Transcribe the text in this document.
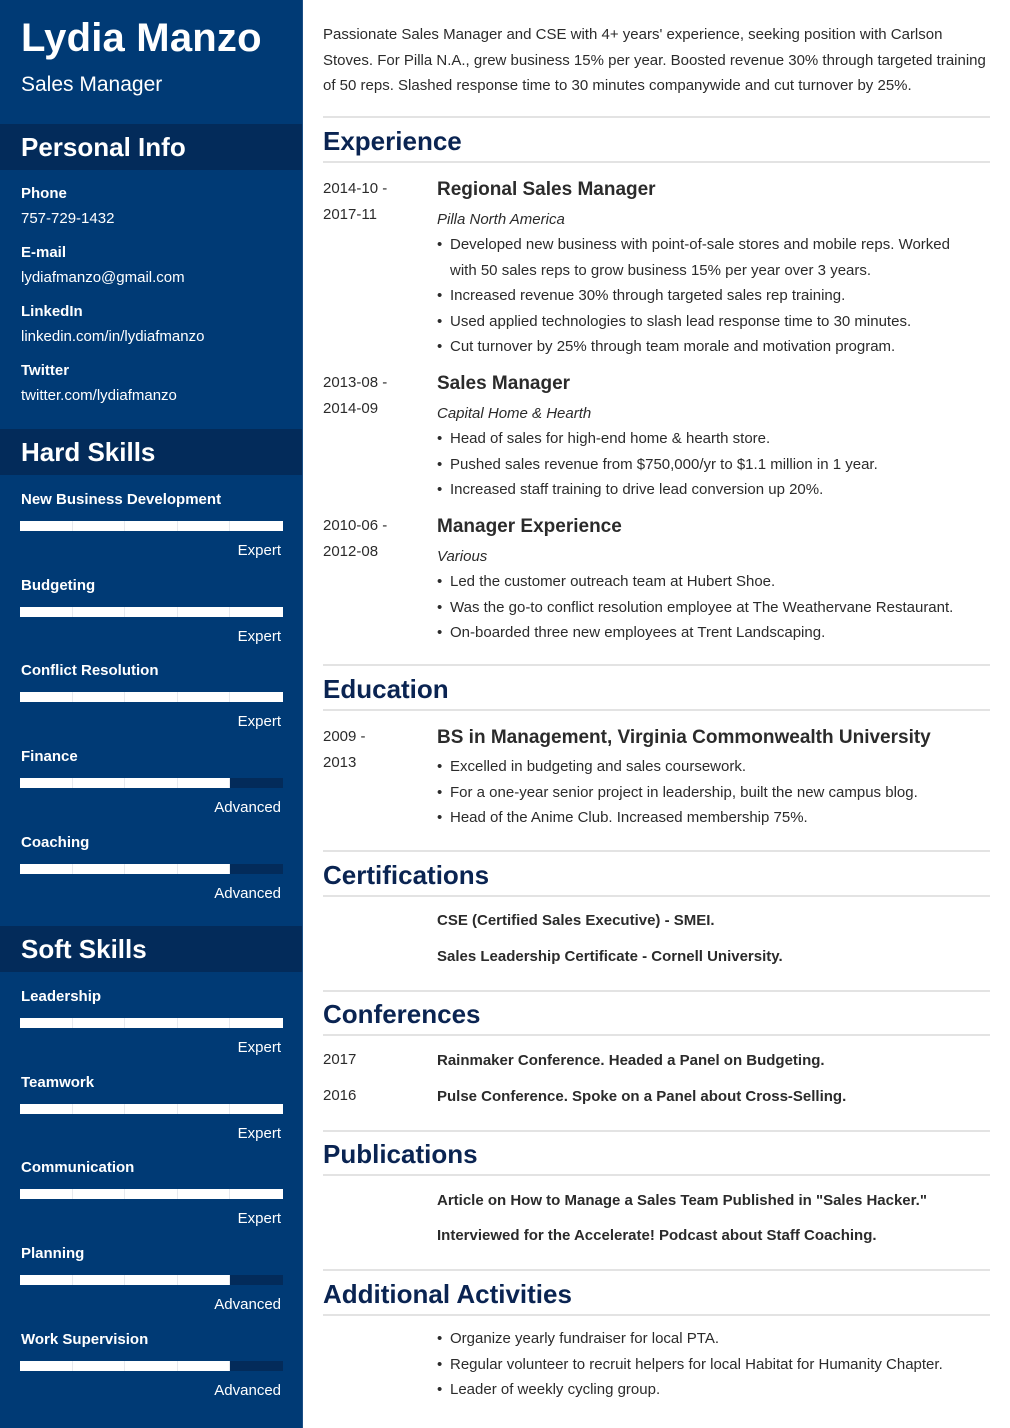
Lydia Manzo
Sales Manager
Personal Info
Phone
757-729-1432
E-mail
lydiafmanzo@gmail.com
LinkedIn
linkedin.com/in/lydiafmanzo
Twitter
twitter.com/lydiafmanzo
Hard Skills
New Business Development
Expert
Budgeting
Expert
Conflict Resolution
Expert
Finance
Advanced
Coaching
Advanced
Soft Skills
Leadership
Expert
Teamwork
Expert
Communication
Expert
Planning
Advanced
Work Supervision
Advanced

Passionate Sales Manager and CSE with 4+ years' experience, seeking position with Carlson Stoves. For Pilla N.A., grew business 15% per year. Boosted revenue 30% through targeted training of 50 reps. Slashed response time to 30 minutes companywide and cut turnover by 25%.

Experience
2014-10 -
2017-11
Regional Sales Manager
Pilla North America
• Developed new business with point-of-sale stores and mobile reps. Worked with 50 sales reps to grow business 15% per year over 3 years.
• Increased revenue 30% through targeted sales rep training.
• Used applied technologies to slash lead response time to 30 minutes.
• Cut turnover by 25% through team morale and motivation program.
2013-08 -
2014-09
Sales Manager
Capital Home & Hearth
• Head of sales for high-end home & hearth store.
• Pushed sales revenue from $750,000/yr to $1.1 million in 1 year.
• Increased staff training to drive lead conversion up 20%.
2010-06 -
2012-08
Manager Experience
Various
• Led the customer outreach team at Hubert Shoe.
• Was the go-to conflict resolution employee at The Weathervane Restaurant.
• On-boarded three new employees at Trent Landscaping.
Education
2009 -
2013
BS in Management, Virginia Commonwealth University
• Excelled in budgeting and sales coursework.
• For a one-year senior project in leadership, built the new campus blog.
• Head of the Anime Club. Increased membership 75%.
Certifications
CSE (Certified Sales Executive) - SMEI.
Sales Leadership Certificate - Cornell University.
Conferences
2017	Rainmaker Conference. Headed a Panel on Budgeting.
2016	Pulse Conference. Spoke on a Panel about Cross-Selling.
Publications
Article on How to Manage a Sales Team Published in "Sales Hacker."
Interviewed for the Accelerate! Podcast about Staff Coaching.
Additional Activities
• Organize yearly fundraiser for local PTA.
• Regular volunteer to recruit helpers for local Habitat for Humanity Chapter.
• Leader of weekly cycling group.
